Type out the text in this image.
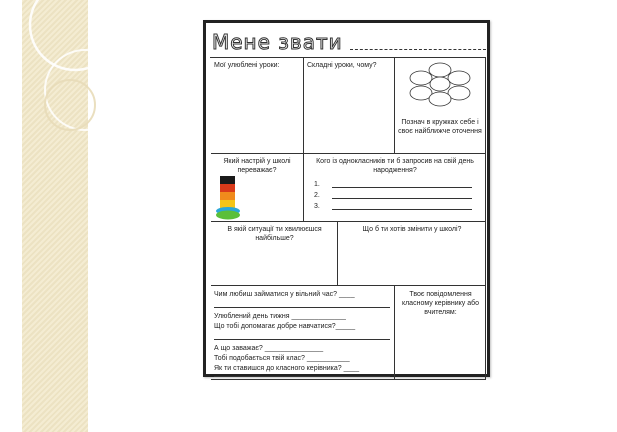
Мене звати
Мої улюблені уроки:	Складні уроки, чому?
Познач в кружках себе і своє найближче оточення
Який настрій у школі переважає?
Кого із однокласників ти б запросив на свій день народження?
1.
2.
3.
В якій ситуації ти хвилюєшся найбільше?
Що б ти хотів змінити у школі?
Чим любиш займатися у вільний час? ____
Улюблений день тижня ______________
Що тобі допомагає добре навчатися?_____
А що заважає? _______________
Тобі подобається твій клас? ___________
Як ти ставишся до класного керівника? ____
Твоє повідомлення класному керівнику або вчителям:
